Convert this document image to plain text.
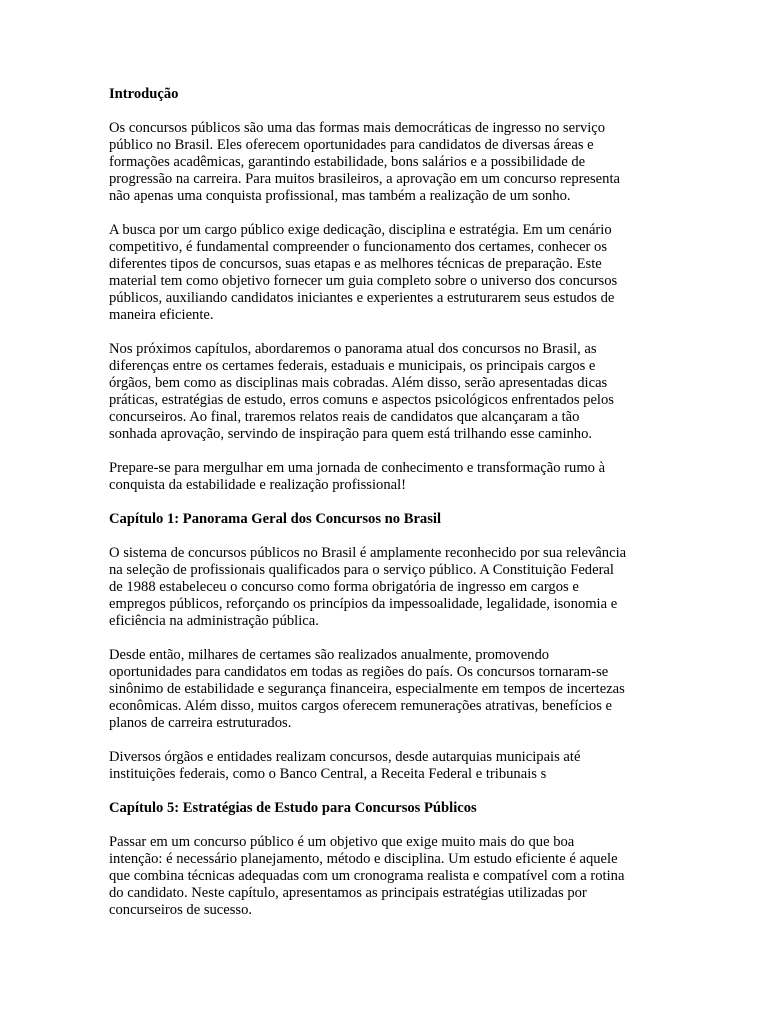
Introdução
Os concursos públicos são uma das formas mais democráticas de ingresso no serviço
público no Brasil. Eles oferecem oportunidades para candidatos de diversas áreas e
formações acadêmicas, garantindo estabilidade, bons salários e a possibilidade de
progressão na carreira. Para muitos brasileiros, a aprovação em um concurso representa
não apenas uma conquista profissional, mas também a realização de um sonho.
A busca por um cargo público exige dedicação, disciplina e estratégia. Em um cenário
competitivo, é fundamental compreender o funcionamento dos certames, conhecer os
diferentes tipos de concursos, suas etapas e as melhores técnicas de preparação. Este
material tem como objetivo fornecer um guia completo sobre o universo dos concursos
públicos, auxiliando candidatos iniciantes e experientes a estruturarem seus estudos de
maneira eficiente.
Nos próximos capítulos, abordaremos o panorama atual dos concursos no Brasil, as
diferenças entre os certames federais, estaduais e municipais, os principais cargos e
órgãos, bem como as disciplinas mais cobradas. Além disso, serão apresentadas dicas
práticas, estratégias de estudo, erros comuns e aspectos psicológicos enfrentados pelos
concurseiros. Ao final, traremos relatos reais de candidatos que alcançaram a tão
sonhada aprovação, servindo de inspiração para quem está trilhando esse caminho.
Prepare-se para mergulhar em uma jornada de conhecimento e transformação rumo à
conquista da estabilidade e realização profissional!
Capítulo 1: Panorama Geral dos Concursos no Brasil
O sistema de concursos públicos no Brasil é amplamente reconhecido por sua relevância
na seleção de profissionais qualificados para o serviço público. A Constituição Federal
de 1988 estabeleceu o concurso como forma obrigatória de ingresso em cargos e
empregos públicos, reforçando os princípios da impessoalidade, legalidade, isonomia e
eficiência na administração pública.
Desde então, milhares de certames são realizados anualmente, promovendo
oportunidades para candidatos em todas as regiões do país. Os concursos tornaram-se
sinônimo de estabilidade e segurança financeira, especialmente em tempos de incertezas
econômicas. Além disso, muitos cargos oferecem remunerações atrativas, benefícios e
planos de carreira estruturados.
Diversos órgãos e entidades realizam concursos, desde autarquias municipais até
instituições federais, como o Banco Central, a Receita Federal e tribunais s
Capítulo 5: Estratégias de Estudo para Concursos Públicos
Passar em um concurso público é um objetivo que exige muito mais do que boa
intenção: é necessário planejamento, método e disciplina. Um estudo eficiente é aquele
que combina técnicas adequadas com um cronograma realista e compatível com a rotina
do candidato. Neste capítulo, apresentamos as principais estratégias utilizadas por
concurseiros de sucesso.
